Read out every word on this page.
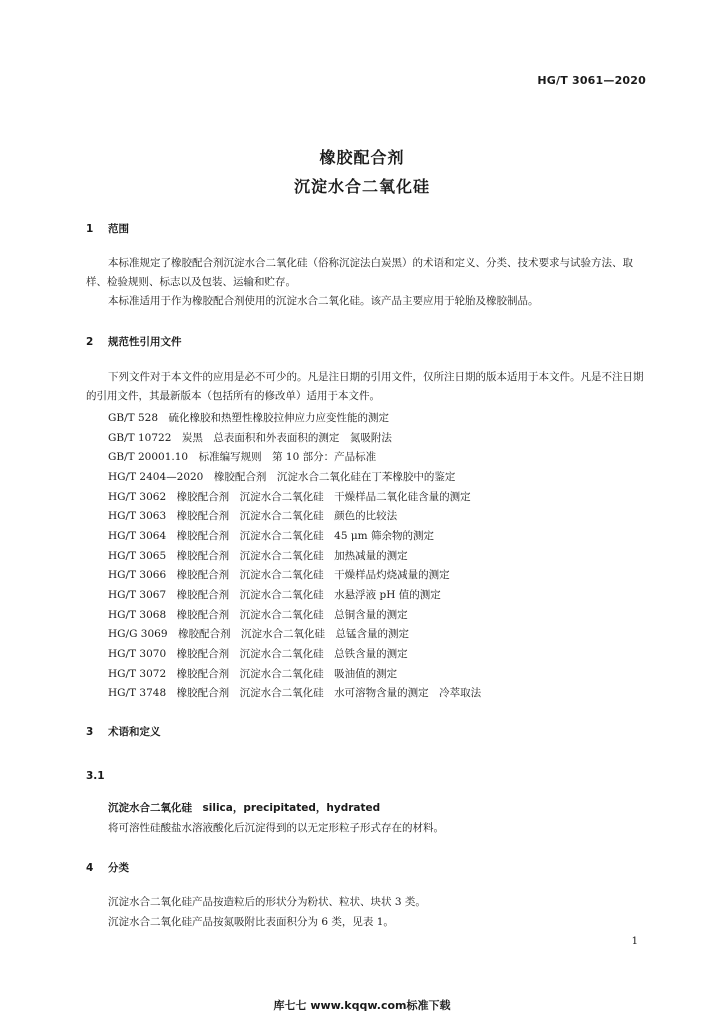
HG/T 3061—2020
橡胶配合剂
沉淀水合二氧化硅
1 范围

本标准规定了橡胶配合剂沉淀水合二氧化硅（俗称沉淀法白炭黑）的术语和定义、分类、技术要求与试验方法、取样、检验规则、标志以及包装、运输和贮存。

本标准适用于作为橡胶配合剂使用的沉淀水合二氧化硅。该产品主要应用于轮胎及橡胶制品。

2 规范性引用文件

下列文件对于本文件的应用是必不可少的。凡是注日期的引用文件，仅所注日期的版本适用于本文件。凡是不注日期的引用文件，其最新版本（包括所有的修改单）适用于本文件。

GB/T 528　硫化橡胶和热塑性橡胶拉伸应力应变性能的测定
GB/T 10722　炭黑　总表面积和外表面积的测定　氮吸附法
GB/T 20001.10　标准编写规则　第 10 部分：产品标准
HG/T 2404—2020　橡胶配合剂　沉淀水合二氧化硅在丁苯橡胶中的鉴定
HG/T 3062　橡胶配合剂　沉淀水合二氧化硅　干燥样品二氧化硅含量的测定
HG/T 3063　橡胶配合剂　沉淀水合二氧化硅　颜色的比较法
HG/T 3064　橡胶配合剂　沉淀水合二氧化硅　45 μm 筛余物的测定
HG/T 3065　橡胶配合剂　沉淀水合二氧化硅　加热减量的测定
HG/T 3066　橡胶配合剂　沉淀水合二氧化硅　干燥样品灼烧减量的测定
HG/T 3067　橡胶配合剂　沉淀水合二氧化硅　水悬浮液 pH 值的测定
HG/T 3068　橡胶配合剂　沉淀水合二氧化硅　总铜含量的测定
HG/G 3069　橡胶配合剂　沉淀水合二氧化硅　总锰含量的测定
HG/T 3070　橡胶配合剂　沉淀水合二氧化硅　总铁含量的测定
HG/T 3072　橡胶配合剂　沉淀水合二氧化硅　吸油值的测定
HG/T 3748　橡胶配合剂　沉淀水合二氧化硅　水可溶物含量的测定　冷萃取法
3 术语和定义
3.1
沉淀水合二氧化硅　silica，precipitated，hydrated
将可溶性硅酸盐水溶液酸化后沉淀得到的以无定形粒子形式存在的材料。
4 分类
沉淀水合二氧化硅产品按造粒后的形状分为粉状、粒状、块状 3 类。
沉淀水合二氧化硅产品按氮吸附比表面积分为 6 类，见表 1。
1
库七七 www.kqqw.com标准下载
